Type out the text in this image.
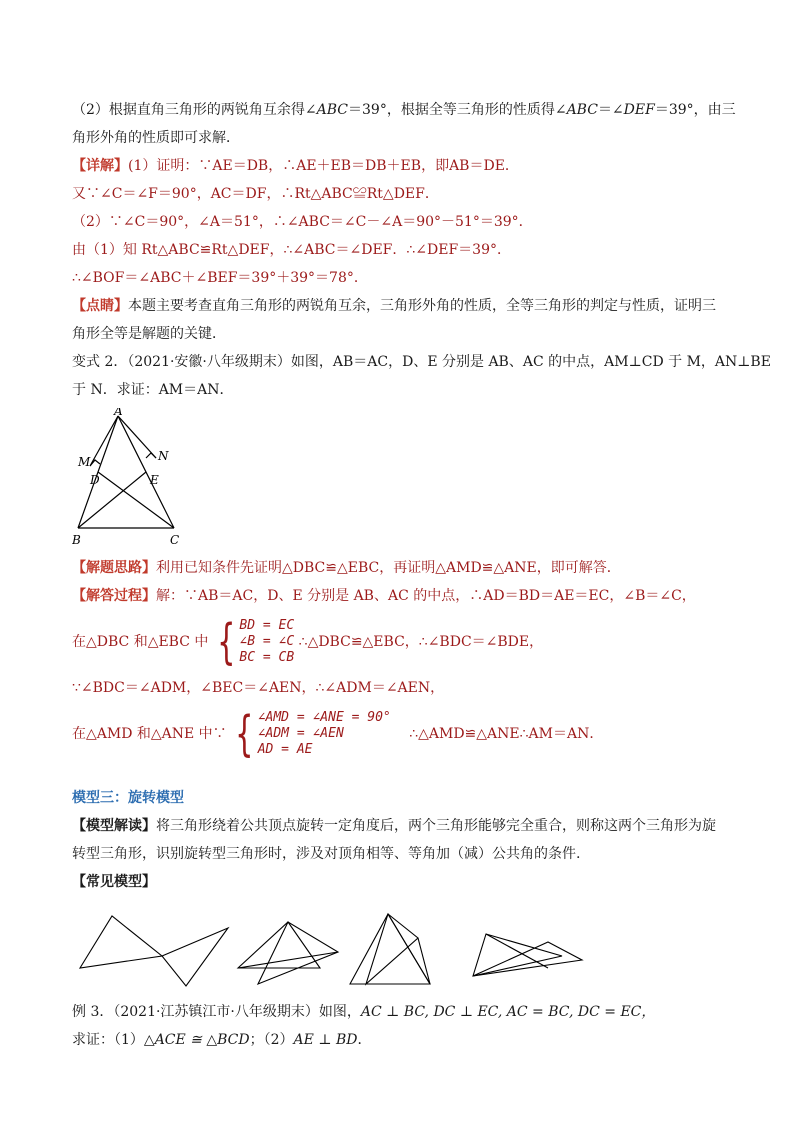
（2）根据直角三角形的两锐角互余得∠ABC＝39°，根据全等三角形的性质得∠ABC＝∠DEF＝39°，由三
角形外角的性质即可求解．
【详解】(1）证明：∵AE＝DB，∴AE＋EB＝DB＋EB，即AB＝DE．
又∵∠C＝∠F＝90°，AC＝DF，∴Rt△ABC≌Rt△DEF．
（2）∵∠C＝90°，∠A＝51°，∴∠ABC＝∠C－∠A＝90°－51°＝39°．
由（1）知 Rt△ABC≌Rt△DEF，∴∠ABC＝∠DEF．∴∠DEF＝39°．
∴∠BOF＝∠ABC＋∠BEF＝39°＋39°＝78°．
【点睛】本题主要考查直角三角形的两锐角互余，三角形外角的性质，全等三角形的判定与性质，证明三
角形全等是解题的关键．
变式 2．（2021·安徽·八年级期末）如图，AB＝AC，D、E 分别是 AB、AC 的中点，AM⊥CD 于 M，AN⊥BE
于 N．求证：AM＝AN．
A
B	C
D	E
M	N
【解题思路】利用已知条件先证明△DBC≌△EBC，再证明△AMD≌△ANE，即可解答．
【解答过程】解：∵AB＝AC，D、E 分别是 AB、AC 的中点，∴AD＝BD＝AE＝EC，∠B＝∠C，
在△DBC 和△EBC 中 { BD = EC
∠B = ∠C
BC = CB
∴△DBC≌△EBC，∴∠BDC＝∠BDE，
∵∠BDC＝∠ADM，∠BEC＝∠AEN，∴∠ADM＝∠AEN，
在△AMD 和△ANE 中∵ { ∠AMD = ∠ANE = 90°
∠ADM = ∠AEN
AD = AE
∴△AMD≌△ANE∴AM＝AN．
模型三：旋转模型
【模型解读】将三角形绕着公共顶点旋转一定角度后，两个三角形能够完全重合，则称这两个三角形为旋
转型三角形，识别旋转型三角形时，涉及对顶角相等、等角加（减）公共角的条件.
【常见模型】
例 3．（2021·江苏镇江市·八年级期末）如图，AC ⊥ BC, DC ⊥ EC, AC = BC, DC = EC，
求证：（1）△ACE ≅ △BCD；（2）AE ⊥ BD．
